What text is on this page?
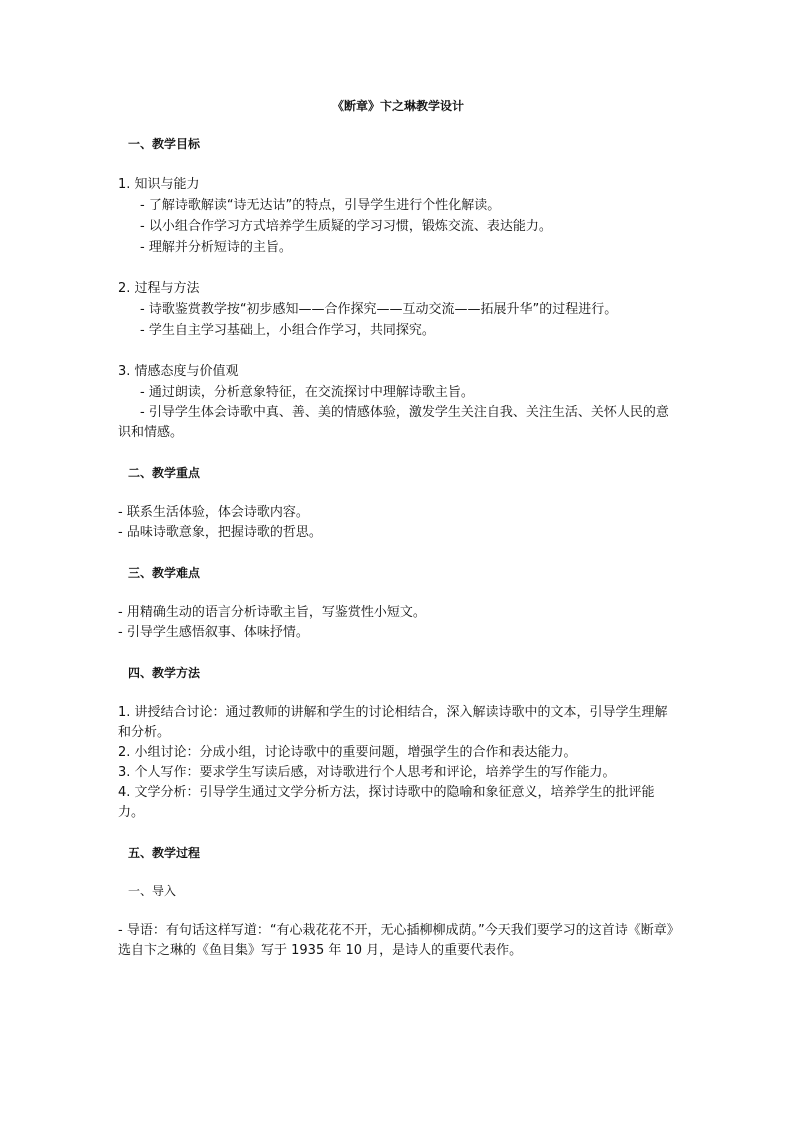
《断章》卞之琳教学设计
一、教学目标

1. 知识与能力

- 了解诗歌解读“诗无达诂”的特点，引导学生进行个性化解读。

- 以小组合作学习方式培养学生质疑的学习习惯，锻炼交流、表达能力。

- 理解并分析短诗的主旨。

2. 过程与方法

- 诗歌鉴赏教学按“初步感知——合作探究——互动交流——拓展升华”的过程进行。

- 学生自主学习基础上，小组合作学习，共同探究。

3. 情感态度与价值观

- 通过朗读，分析意象特征，在交流探讨中理解诗歌主旨。

- 引导学生体会诗歌中真、善、美的情感体验，激发学生关注自我、关注生活、关怀人民的意识和情感。

二、教学重点

- 联系生活体验，体会诗歌内容。

- 品味诗歌意象，把握诗歌的哲思。

三、教学难点

- 用精确生动的语言分析诗歌主旨，写鉴赏性小短文。

- 引导学生感悟叙事、体味抒情。

四、教学方法

1. 讲授结合讨论：通过教师的讲解和学生的讨论相结合，深入解读诗歌中的文本，引导学生理解和分析。

2. 小组讨论：分成小组，讨论诗歌中的重要问题，增强学生的合作和表达能力。

3. 个人写作：要求学生写读后感，对诗歌进行个人思考和评论，培养学生的写作能力。

4. 文学分析：引导学生通过文学分析方法，探讨诗歌中的隐喻和象征意义，培养学生的批评能力。

五、教学过程
一、导入

- 导语：有句话这样写道：“有心栽花花不开，无心插柳柳成荫。”今天我们要学习的这首诗《断章》选自卞之琳的《鱼目集》写于 1935 年 10 月，是诗人的重要代表作。
